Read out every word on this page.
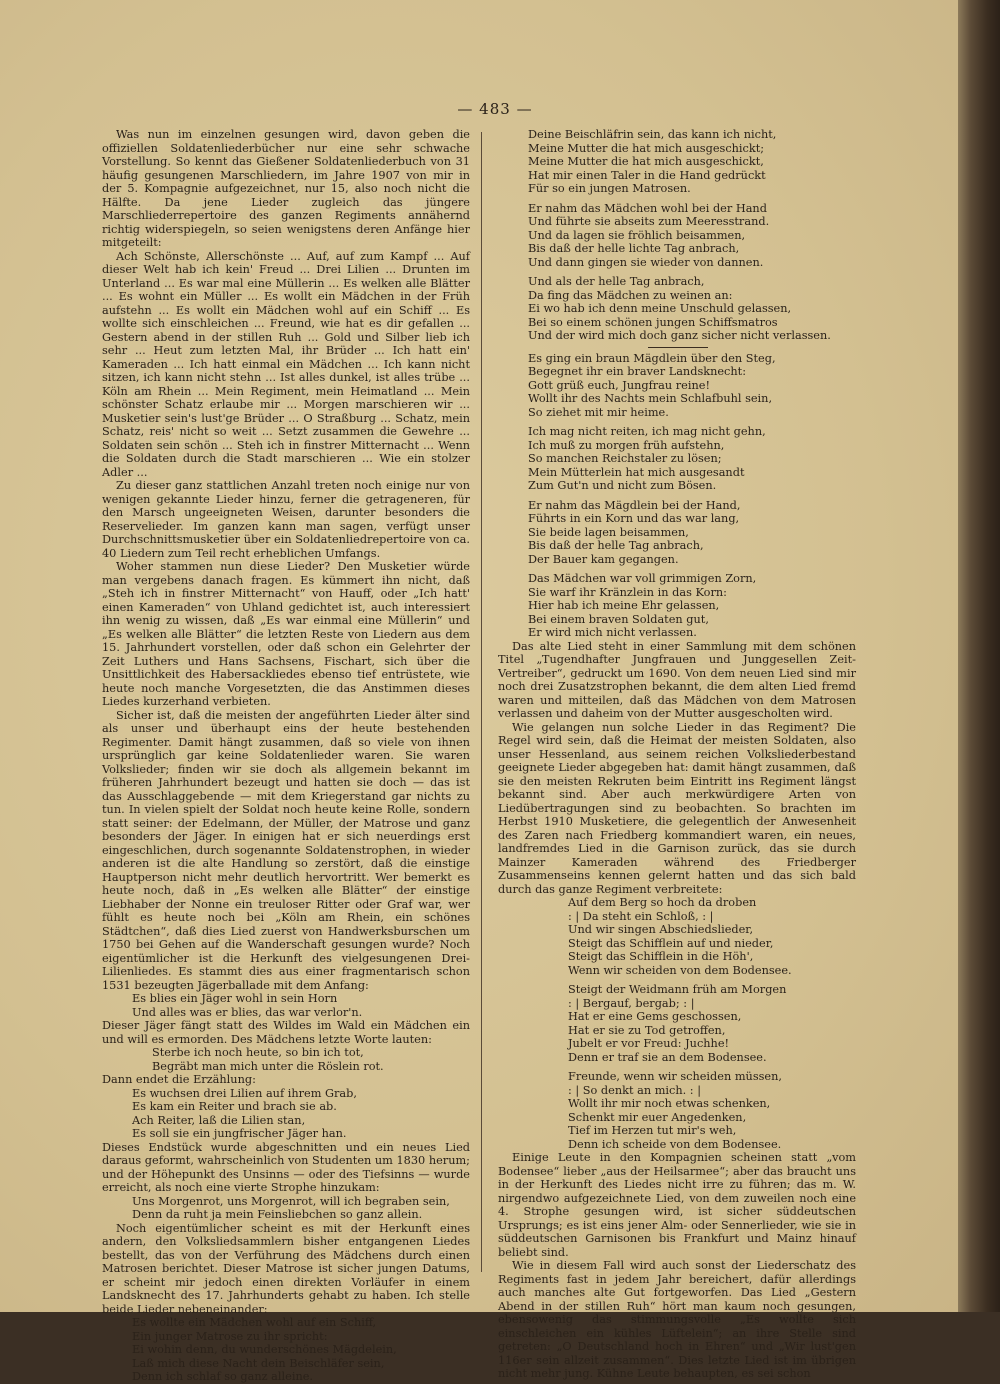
— 483 —

Was nun im einzelnen gesungen wird, davon geben die offiziellen Soldatenliederbücher nur eine sehr schwache Vorstellung. So kennt das Gießener Soldatenliederbuch von 31 häufig gesungenen Marschliedern, im Jahre 1907 von mir in der 5. Kompagnie aufgezeichnet, nur 15, also noch nicht die Hälfte. Da jene Lieder zugleich das jüngere Marschliederrepertoire des ganzen Regiments annähernd richtig widerspiegeln, so seien wenigstens deren Anfänge hier mitgeteilt:

Ach Schönste, Allerschönste ... Auf, auf zum Kampf ... Auf dieser Welt hab ich kein' Freud ... Drei Lilien ... Drunten im Unterland ... Es war mal eine Müllerin ... Es welken alle Blätter ... Es wohnt ein Müller ... Es wollt ein Mädchen in der Früh aufstehn ... Es wollt ein Mädchen wohl auf ein Schiff ... Es wollte sich einschleichen ... Freund, wie hat es dir gefallen ... Gestern abend in der stillen Ruh ... Gold und Silber lieb ich sehr ... Heut zum letzten Mal, ihr Brüder ... Ich hatt ein' Kameraden ... Ich hatt einmal ein Mädchen ... Ich kann nicht sitzen, ich kann nicht stehn ... Ist alles dunkel, ist alles trübe ... Köln am Rhein ... Mein Regiment, mein Heimatland ... Mein schönster Schatz erlaube mir ... Morgen marschieren wir ... Musketier sein's lust'ge Brüder ... O Straßburg ... Schatz, mein Schatz, reis' nicht so weit ... Setzt zusammen die Gewehre ... Soldaten sein schön ... Steh ich in finstrer Mitternacht ... Wenn die Soldaten durch die Stadt marschieren ... Wie ein stolzer Adler ...

Zu dieser ganz stattlichen Anzahl treten noch einige nur von wenigen gekannte Lieder hinzu, ferner die getrageneren, für den Marsch ungeeigneten Weisen, darunter besonders die Reservelieder. Im ganzen kann man sagen, verfügt unser Durchschnittsmusketier über ein Soldatenliedrepertoire von ca. 40 Liedern zum Teil recht erheblichen Umfangs.

Woher stammen nun diese Lieder? Den Musketier würde man vergebens danach fragen. Es kümmert ihn nicht, daß „Steh ich in finstrer Mitternacht“ von Hauff, oder „Ich hatt' einen Kameraden“ von Uhland gedichtet ist, auch interessiert ihn wenig zu wissen, daß „Es war einmal eine Müllerin“ und „Es welken alle Blätter“ die letzten Reste von Liedern aus dem 15. Jahrhundert vorstellen, oder daß schon ein Gelehrter der Zeit Luthers und Hans Sachsens, Fischart, sich über die Unsittlichkeit des Habersackliedes ebenso tief entrüstete, wie heute noch manche Vorgesetzten, die das Anstimmen dieses Liedes kurzerhand verbieten.

Sicher ist, daß die meisten der angeführten Lieder älter sind als unser und überhaupt eins der heute bestehenden Regimenter. Damit hängt zusammen, daß so viele von ihnen ursprünglich gar keine Soldatenlieder waren. Sie waren Volkslieder; finden wir sie doch als allgemein bekannt im früheren Jahrhundert bezeugt und hatten sie doch — das ist das Ausschlaggebende — mit dem Kriegerstand gar nichts zu tun. In vielen spielt der Soldat noch heute keine Rolle, sondern statt seiner: der Edelmann, der Müller, der Matrose und ganz besonders der Jäger. In einigen hat er sich neuerdings erst eingeschlichen, durch sogenannte Soldatenstrophen, in wieder anderen ist die alte Handlung so zerstört, daß die einstige Hauptperson nicht mehr deutlich hervortritt. Wer bemerkt es heute noch, daß in „Es welken alle Blätter“ der einstige Liebhaber der Nonne ein treuloser Ritter oder Graf war, wer fühlt es heute noch bei „Köln am Rhein, ein schönes Städtchen“, daß dies Lied zuerst von Handwerksburschen um 1750 bei Gehen auf die Wanderschaft gesungen wurde? Noch eigentümlicher ist die Herkunft des vielgesungenen Drei-Lilienliedes. Es stammt dies aus einer fragmentarisch schon 1531 bezeugten Jägerballade mit dem Anfang:

Es blies ein Jäger wohl in sein Horn

Und alles was er blies, das war verlor'n.

Dieser Jäger fängt statt des Wildes im Wald ein Mädchen ein und will es ermorden. Des Mädchens letzte Worte lauten:

Sterbe ich noch heute, so bin ich tot,

Begräbt man mich unter die Röslein rot.

Dann endet die Erzählung:

Es wuchsen drei Lilien auf ihrem Grab,

Es kam ein Reiter und brach sie ab.

Ach Reiter, laß die Lilien stan,

Es soll sie ein jungfrischer Jäger han.

Dieses Endstück wurde abgeschnitten und ein neues Lied daraus geformt, wahrscheinlich von Studenten um 1830 herum; und der Höhepunkt des Unsinns — oder des Tiefsinns — wurde erreicht, als noch eine vierte Strophe hinzukam:

Uns Morgenrot, uns Morgenrot, will ich begraben sein,

Denn da ruht ja mein Feinsliebchen so ganz allein.

Noch eigentümlicher scheint es mit der Herkunft eines andern, den Volksliedsammlern bisher entgangenen Liedes bestellt, das von der Verführung des Mädchens durch einen Matrosen berichtet. Dieser Matrose ist sicher jungen Datums, er scheint mir jedoch einen direkten Vorläufer in einem Landsknecht des 17. Jahrhunderts gehabt zu haben. Ich stelle beide Lieder nebeneinander:

Es wollte ein Mädchen wohl auf ein Schiff,

Ein junger Matrose zu ihr spricht:

Ei wohin denn, du wunderschönes Mägdelein,

Laß mich diese Nacht dein Beischläfer sein,

Denn ich schlaf so ganz alleine.

Deine Beischläfrin sein, das kann ich nicht,

Meine Mutter die hat mich ausgeschickt;

Meine Mutter die hat mich ausgeschickt,

Hat mir einen Taler in die Hand gedrückt

Für so ein jungen Matrosen.

Er nahm das Mädchen wohl bei der Hand

Und führte sie abseits zum Meeresstrand.

Und da lagen sie fröhlich beisammen,

Bis daß der helle lichte Tag anbrach,

Und dann gingen sie wieder von dannen.

Und als der helle Tag anbrach,

Da fing das Mädchen zu weinen an:

Ei wo hab ich denn meine Unschuld gelassen,

Bei so einem schönen jungen Schiffsmatros

Und der wird mich doch ganz sicher nicht verlassen.

Es ging ein braun Mägdlein über den Steg,

Begegnet ihr ein braver Landsknecht:

Gott grüß euch, Jungfrau reine!

Wollt ihr des Nachts mein Schlafbuhl sein,

So ziehet mit mir heime.

Ich mag nicht reiten, ich mag nicht gehn,

Ich muß zu morgen früh aufstehn,

So manchen Reichstaler zu lösen;

Mein Mütterlein hat mich ausgesandt

Zum Gut'n und nicht zum Bösen.

Er nahm das Mägdlein bei der Hand,

Führts in ein Korn und das war lang,

Sie beide lagen beisammen,

Bis daß der helle Tag anbrach,

Der Bauer kam gegangen.

Das Mädchen war voll grimmigen Zorn,

Sie warf ihr Kränzlein in das Korn:

Hier hab ich meine Ehr gelassen,

Bei einem braven Soldaten gut,

Er wird mich nicht verlassen.

Das alte Lied steht in einer Sammlung mit dem schönen Titel „Tugendhafter Jungfrauen und Junggesellen Zeit-Vertreiber“, gedruckt um 1690. Von dem neuen Lied sind mir noch drei Zusatzstrophen bekannt, die dem alten Lied fremd waren und mitteilen, daß das Mädchen von dem Matrosen verlassen und daheim von der Mutter ausgescholten wird.

Wie gelangen nun solche Lieder in das Regiment? Die Regel wird sein, daß die Heimat der meisten Soldaten, also unser Hessenland, aus seinem reichen Volksliederbestand geeignete Lieder abgegeben hat: damit hängt zusammen, daß sie den meisten Rekruten beim Eintritt ins Regiment längst bekannt sind. Aber auch merkwürdigere Arten von Liedübertragungen sind zu beobachten. So brachten im Herbst 1910 Musketiere, die gelegentlich der Anwesenheit des Zaren nach Friedberg kommandiert waren, ein neues, landfremdes Lied in die Garnison zurück, das sie durch Mainzer Kameraden während des Friedberger Zusammenseins kennen gelernt hatten und das sich bald durch das ganze Regiment verbreitete:

Auf dem Berg so hoch da droben

: | Da steht ein Schloß, : |

Und wir singen Abschiedslieder,

Steigt das Schifflein auf und nieder,

Steigt das Schifflein in die Höh',

Wenn wir scheiden von dem Bodensee.

Steigt der Weidmann früh am Morgen

: | Bergauf, bergab; : |

Hat er eine Gems geschossen,

Hat er sie zu Tod getroffen,

Jubelt er vor Freud: Juchhe!

Denn er traf sie an dem Bodensee.

Freunde, wenn wir scheiden müssen,

: | So denkt an mich. : |

Wollt ihr mir noch etwas schenken,

Schenkt mir euer Angedenken,

Tief im Herzen tut mir's weh,

Denn ich scheide von dem Bodensee.

Einige Leute in den Kompagnien scheinen statt „vom Bodensee“ lieber „aus der Heilsarmee“; aber das braucht uns in der Herkunft des Liedes nicht irre zu führen; das m. W. nirgendwo aufgezeichnete Lied, von dem zuweilen noch eine 4. Strophe gesungen wird, ist sicher süddeutschen Ursprungs; es ist eins jener Alm- oder Sennerlieder, wie sie in süddeutschen Garnisonen bis Frankfurt und Mainz hinauf beliebt sind.

Wie in diesem Fall wird auch sonst der Liederschatz des Regiments fast in jedem Jahr bereichert, dafür allerdings auch manches alte Gut fortgeworfen. Das Lied „Gestern Abend in der stillen Ruh“ hört man kaum noch gesungen, ebensowenig das stimmungsvolle „Es wollte sich einschleichen ein kühles Lüftelein“; an ihre Stelle sind getreten: „O Deutschland hoch in Ehren“ und „Wir lust'gen 116er sein allzeit zusammen“. Dies letzte Lied ist im übrigen nicht mehr jung. Kühne Leute behaupten, es sei schon
